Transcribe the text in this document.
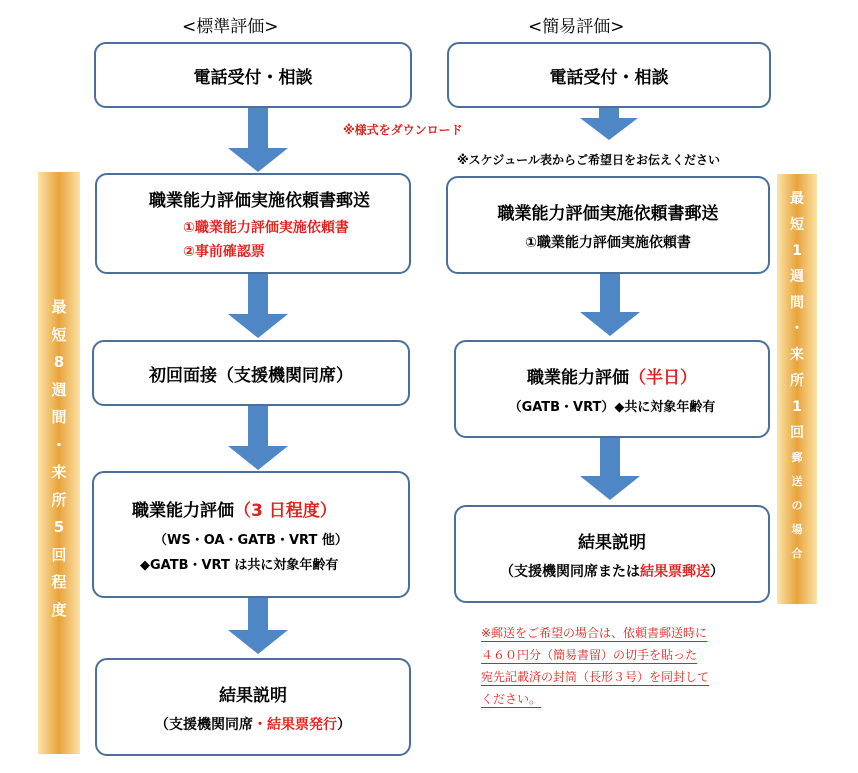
<標準評価>	<簡易評価>
最
短
8
週
間
・
来
所
5
回
程
度
最
短
1
週
間
・
来
所
1
回
郵
送
の
場
合
電話受付・相談
※様式をダウンロード
職業能力評価実施依頼書郵送
①職業能力評価実施依頼書
②事前確認票
初回面接（支援機関同席）
職業能力評価（3 日程度）
（WS・OA・GATB・VRT 他）
◆GATB・VRT は共に対象年齢有
結果説明
（支援機関同席・結果票発行）
電話受付・相談
※スケジュール表からご希望日をお伝えください
職業能力評価実施依頼書郵送
①職業能力評価実施依頼書
職業能力評価（半日）
（GATB・VRT）◆共に対象年齢有
結果説明
（支援機関同席または結果票郵送）
※郵送をご希望の場合は、依頼書郵送時に
４６０円分（簡易書留）の切手を貼った
宛先記載済の封筒（長形３号）を同封して
ください。
